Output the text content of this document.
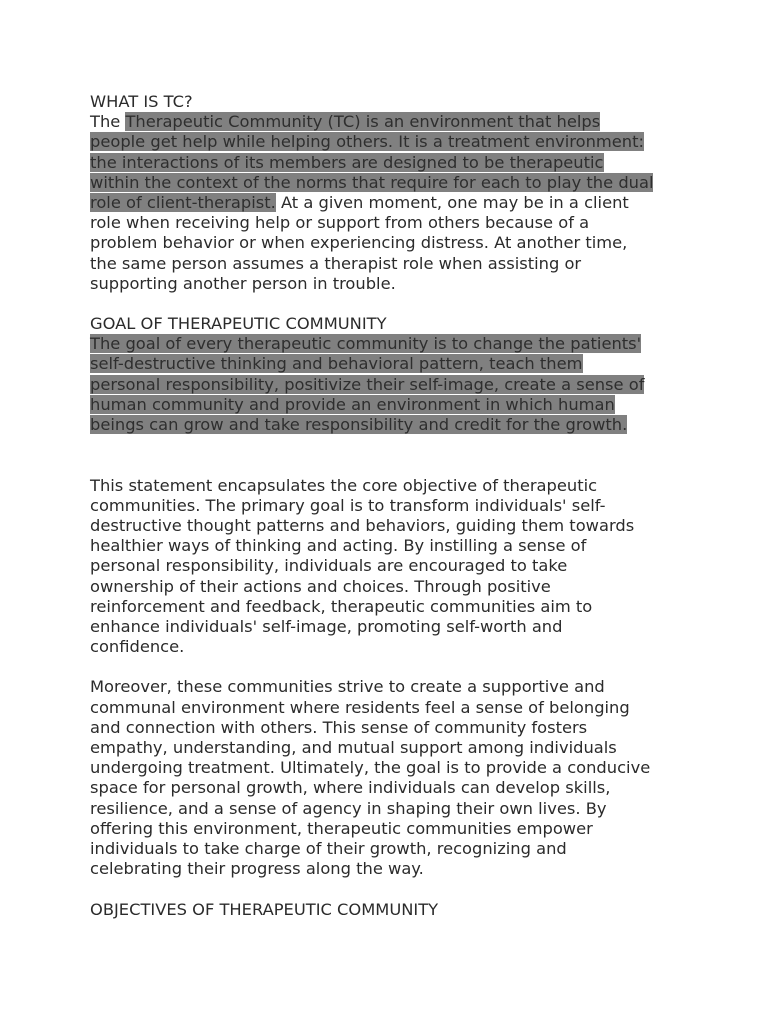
WHAT IS TC?
The Therapeutic Community (TC) is an environment that helps
people get help while helping others. It is a treatment environment:
the interactions of its members are designed to be therapeutic
within the context of the norms that require for each to play the dual
role of client-therapist. At a given moment, one may be in a client
role when receiving help or support from others because of a
problem behavior or when experiencing distress. At another time,
the same person assumes a therapist role when assisting or
supporting another person in trouble.
GOAL OF THERAPEUTIC COMMUNITY
The goal of every therapeutic community is to change the patients'
self-destructive thinking and behavioral pattern, teach them
personal responsibility, positivize their self-image, create a sense of
human community and provide an environment in which human
beings can grow and take responsibility and credit for the growth.
This statement encapsulates the core objective of therapeutic
communities. The primary goal is to transform individuals' self-
destructive thought patterns and behaviors, guiding them towards
healthier ways of thinking and acting. By instilling a sense of
personal responsibility, individuals are encouraged to take
ownership of their actions and choices. Through positive
reinforcement and feedback, therapeutic communities aim to
enhance individuals' self-image, promoting self-worth and
confidence.
Moreover, these communities strive to create a supportive and
communal environment where residents feel a sense of belonging
and connection with others. This sense of community fosters
empathy, understanding, and mutual support among individuals
undergoing treatment. Ultimately, the goal is to provide a conducive
space for personal growth, where individuals can develop skills,
resilience, and a sense of agency in shaping their own lives. By
offering this environment, therapeutic communities empower
individuals to take charge of their growth, recognizing and
celebrating their progress along the way.
OBJECTIVES OF THERAPEUTIC COMMUNITY
